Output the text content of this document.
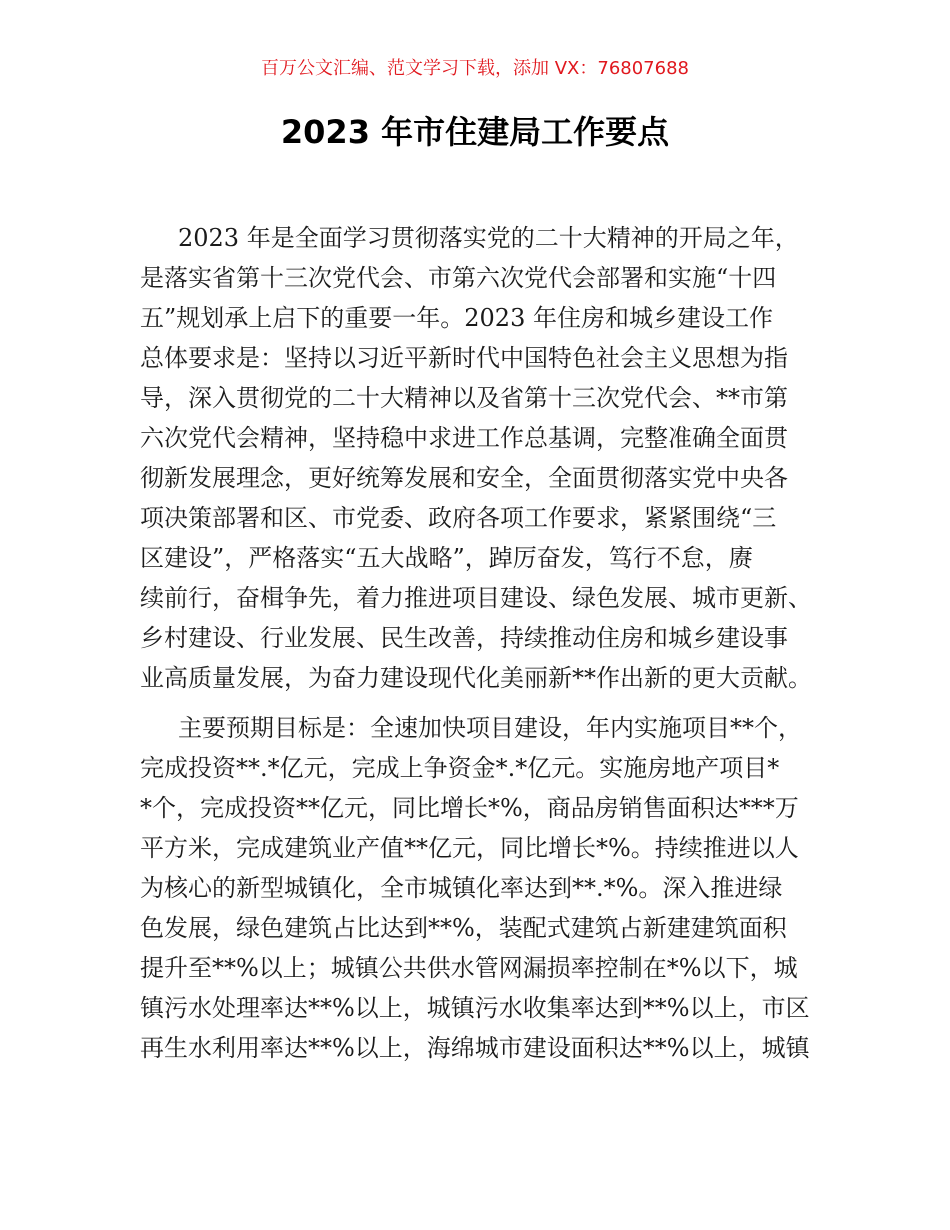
百万公文汇编、范文学习下载，添加 VX：76807688
2023 年市住建局工作要点
2023 年是全面学习贯彻落实党的二十大精神的开局之年，
是落实省第十三次党代会、市第六次党代会部署和实施“十四
五”规划承上启下的重要一年。2023 年住房和城乡建设工作
总体要求是：坚持以习近平新时代中国特色社会主义思想为指
导，深入贯彻党的二十大精神以及省第十三次党代会、**市第
六次党代会精神，坚持稳中求进工作总基调，完整准确全面贯
彻新发展理念，更好统筹发展和安全，全面贯彻落实党中央各
项决策部署和区、市党委、政府各项工作要求，紧紧围绕“三
区建设”，严格落实“五大战略”，踔厉奋发，笃行不怠，赓
续前行，奋楫争先，着力推进项目建设、绿色发展、城市更新、
乡村建设、行业发展、民生改善，持续推动住房和城乡建设事
业高质量发展，为奋力建设现代化美丽新**作出新的更大贡献。
主要预期目标是：全速加快项目建设，年内实施项目**个，
完成投资**.*亿元，完成上争资金*.*亿元。实施房地产项目*
*个，完成投资**亿元，同比增长*%，商品房销售面积达***万
平方米，完成建筑业产值**亿元，同比增长*%。持续推进以人
为核心的新型城镇化，全市城镇化率达到**.*%。深入推进绿
色发展，绿色建筑占比达到**%，装配式建筑占新建建筑面积
提升至**%以上；城镇公共供水管网漏损率控制在*%以下，城
镇污水处理率达**%以上，城镇污水收集率达到**%以上，市区
再生水利用率达**%以上，海绵城市建设面积达**%以上，城镇
